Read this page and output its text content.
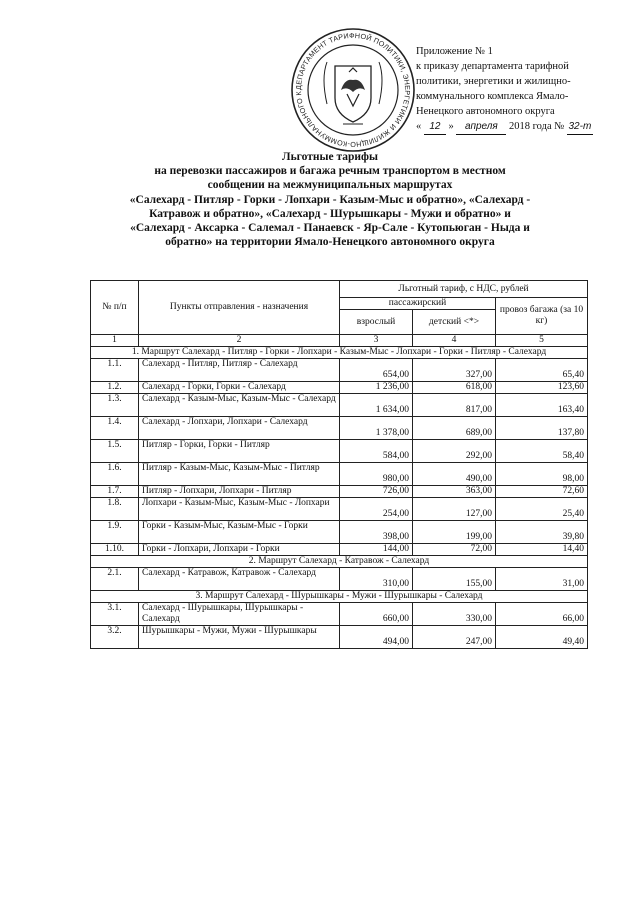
ДЕПАРТАМЕНТ ТАРИФНОЙ ПОЛИТИКИ, ЭНЕРГЕТИКИ И ЖИЛИЩНО-КОММУНАЛЬНОГО К
Приложение № 1
к приказу департамента тарифной
политики, энергетики и жилищно-
коммунального комплекса Ямало-
Ненецкого автономного округа
« 12 » апреля 2018 года № 32-т
Льготные тарифы
на перевозки пассажиров и багажа речным транспортом в местном
сообщении на межмуниципальных маршрутах
«Салехард - Питляр - Горки - Лопхари - Казым-Мыс и обратно», «Салехард -
Катравож и обратно», «Салехард - Шурышкары - Мужи и обратно» и
«Салехард - Аксарка - Салемал - Панаевск - Яр-Сале - Кутопьюган - Ныда и
обратно» на территории Ямало-Ненецкого автономного округа
№ п/п	Пункты отправления - назначения	Льготный тариф, с НДС, рублей		
		пассажирский		провоз багажа (за 10 кг)
		взрослый	детский <*>	
1	2	3	4	5
1. Маршрут Салехард - Питляр - Горки - Лопхари - Казым-Мыс - Лопхари - Горки - Питляр - Салехард				
1.1.	Салехард - Питляр, Питляр - Салехард	654,00	327,00	65,40
1.2.	Салехард - Горки, Горки - Салехард	1 236,00	618,00	123,60
1.3.	Салехард - Казым-Мыс, Казым-Мыс - Салехард	1 634,00	817,00	163,40
1.4.	Салехард - Лопхари, Лопхари - Салехард	1 378,00	689,00	137,80
1.5.	Питляр - Горки, Горки - Питляр	584,00	292,00	58,40
1.6.	Питляр - Казым-Мыс, Казым-Мыс - Питляр	980,00	490,00	98,00
1.7.	Питляр - Лопхари, Лопхари - Питляр	726,00	363,00	72,60
1.8.	Лопхари - Казым-Мыс, Казым-Мыс - Лопхари	254,00	127,00	25,40
1.9.	Горки - Казым-Мыс, Казым-Мыс - Горки	398,00	199,00	39,80
1.10.	Горки - Лопхари, Лопхари - Горки	144,00	72,00	14,40
2. Маршрут Салехард - Катравож - Салехард				
2.1.	Салехард - Катравож, Катравож - Салехард	310,00	155,00	31,00
3. Маршрут Салехард - Шурышкары - Мужи - Шурышкары - Салехард				
3.1.	Салехард - Шурышкары, Шурышкары - Салехард	660,00	330,00	66,00
3.2.	Шурышкары - Мужи, Мужи - Шурышкары	494,00	247,00	49,40
